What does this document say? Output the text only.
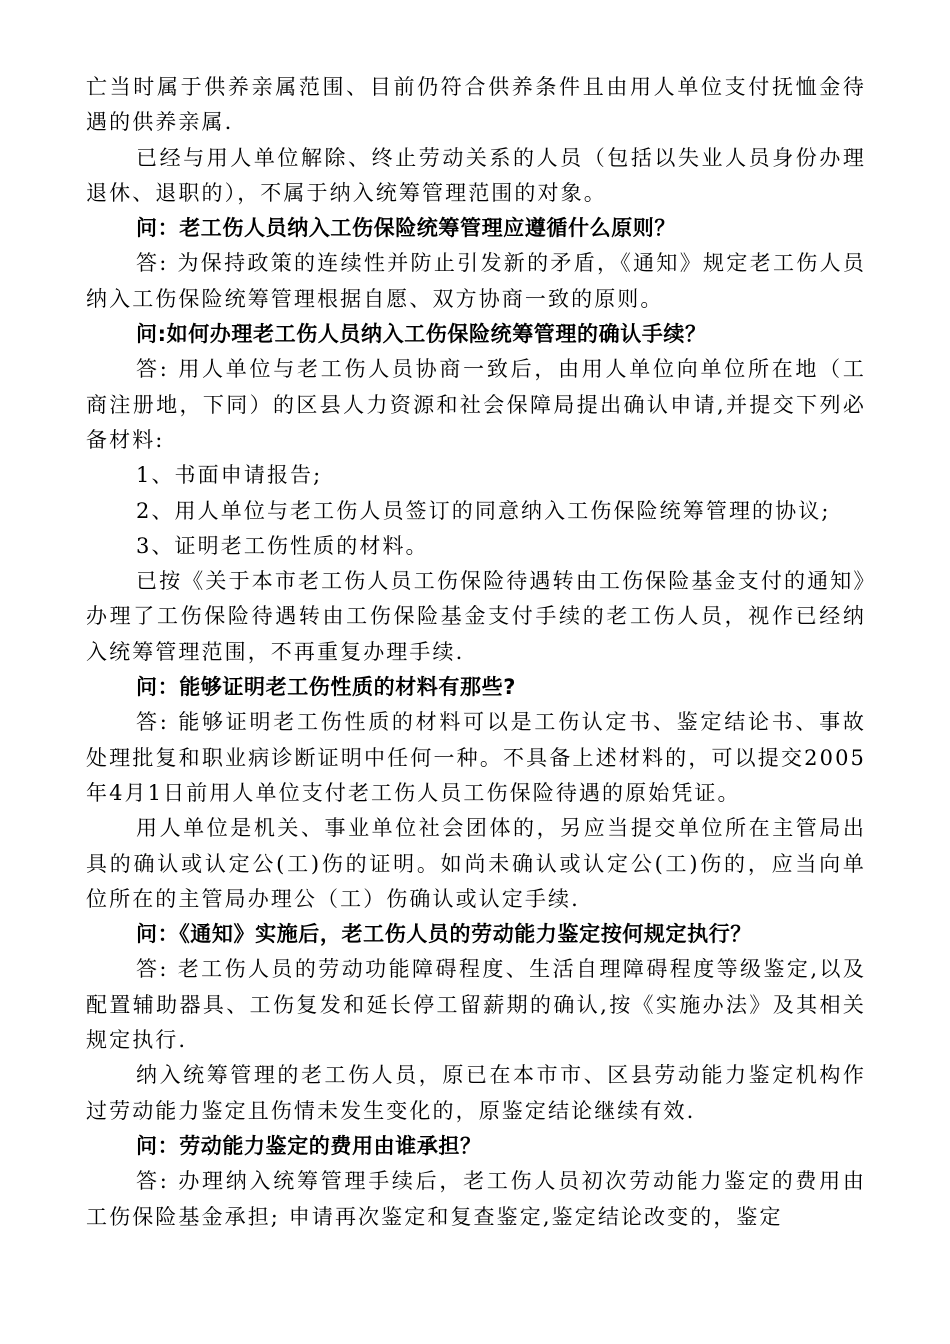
亡当时属于供养亲属范围、目前仍符合供养条件且由用人单位支付抚恤金待遇的供养亲属.

已经与用人单位解除、终止劳动关系的人员（包括以失业人员身份办理退休、退职的），不属于纳入统筹管理范围的对象。

问：老工伤人员纳入工伤保险统筹管理应遵循什么原则？

答: 为保持政策的连续性并防止引发新的矛盾，《通知》规定老工伤人员纳入工伤保险统筹管理根据自愿、双方协商一致的原则。

问:如何办理老工伤人员纳入工伤保险统筹管理的确认手续？

答: 用人单位与老工伤人员协商一致后，由用人单位向单位所在地（工商注册地，下同）的区县人力资源和社会保障局提出确认申请,并提交下列必备材料:

1、书面申请报告;

2、用人单位与老工伤人员签订的同意纳入工伤保险统筹管理的协议;

3、证明老工伤性质的材料。

已按《关于本市老工伤人员工伤保险待遇转由工伤保险基金支付的通知》办理了工伤保险待遇转由工伤保险基金支付手续的老工伤人员，视作已经纳入统筹管理范围，不再重复办理手续.

问：能够证明老工伤性质的材料有那些?

答: 能够证明老工伤性质的材料可以是工伤认定书、鉴定结论书、事故处理批复和职业病诊断证明中任何一种。不具备上述材料的，可以提交2005年4月1日前用人单位支付老工伤人员工伤保险待遇的原始凭证。

用人单位是机关、事业单位社会团体的，另应当提交单位所在主管局出具的确认或认定公(工)伤的证明。如尚未确认或认定公(工)伤的，应当向单位所在的主管局办理公（工）伤确认或认定手续.

问：《通知》实施后，老工伤人员的劳动能力鉴定按何规定执行？

答: 老工伤人员的劳动功能障碍程度、生活自理障碍程度等级鉴定,以及配置辅助器具、工伤复发和延长停工留薪期的确认,按《实施办法》及其相关规定执行.

纳入统筹管理的老工伤人员，原已在本市市、区县劳动能力鉴定机构作过劳动能力鉴定且伤情未发生变化的，原鉴定结论继续有效.

问：劳动能力鉴定的费用由谁承担？

答: 办理纳入统筹管理手续后，老工伤人员初次劳动能力鉴定的费用由工伤保险基金承担; 申请再次鉴定和复查鉴定,鉴定结论改变的，鉴定
